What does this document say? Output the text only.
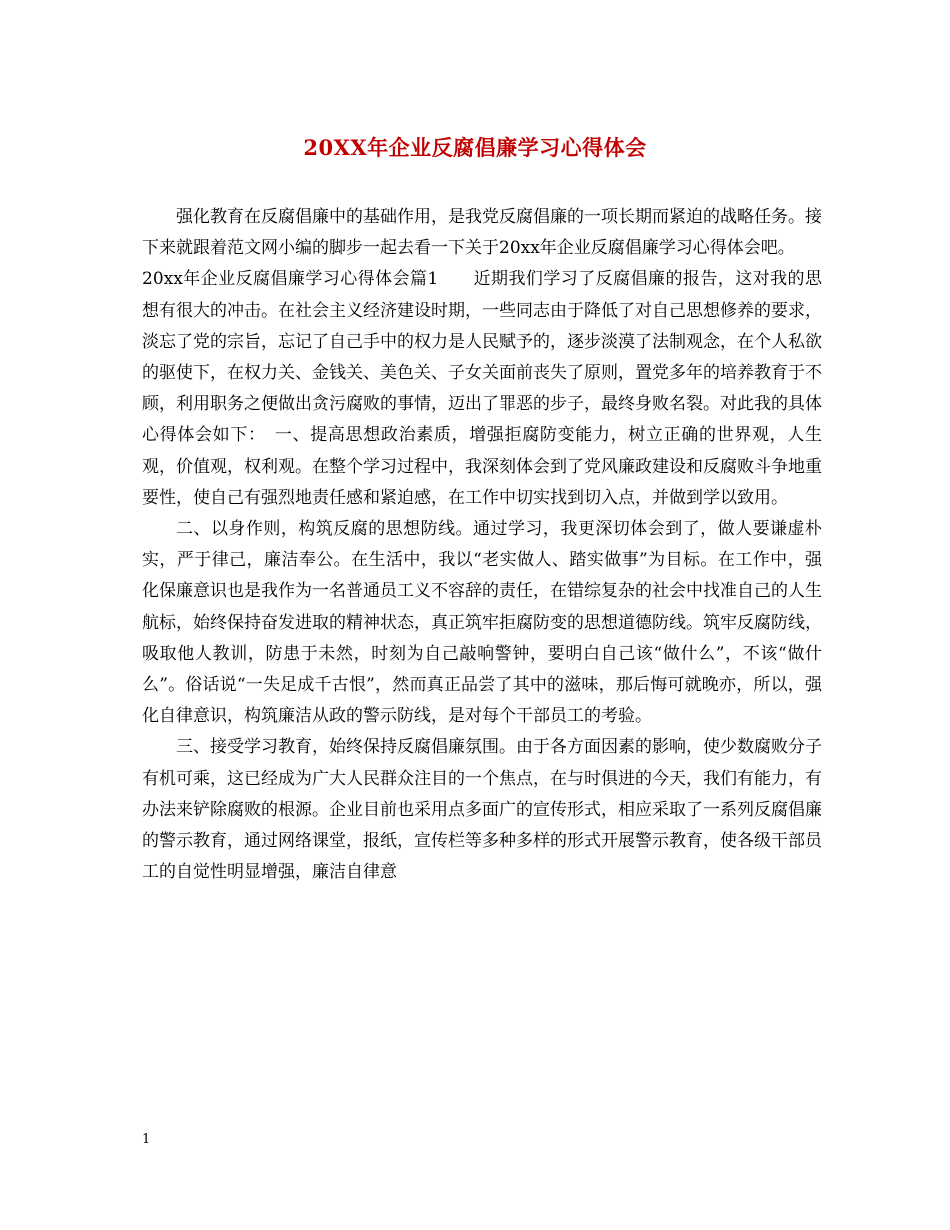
20XX年企业反腐倡廉学习心得体会

强化教育在反腐倡廉中的基础作用，是我党反腐倡廉的一项长期而紧迫的战略任务。接下来就跟着范文网小编的脚步一起去看一下关于20xx年企业反腐倡廉学习心得体会吧。

20xx年企业反腐倡廉学习心得体会篇1　　近期我们学习了反腐倡廉的报告，这对我的思想有很大的冲击。在社会主义经济建设时期，一些同志由于降低了对自己思想修养的要求，淡忘了党的宗旨，忘记了自己手中的权力是人民赋予的，逐步淡漠了法制观念，在个人私欲的驱使下，在权力关、金钱关、美色关、子女关面前丧失了原则，置党多年的培养教育于不顾，利用职务之便做出贪污腐败的事情，迈出了罪恶的步子，最终身败名裂。对此我的具体心得体会如下：　一、提高思想政治素质，增强拒腐防变能力，树立正确的世界观，人生观，价值观，权利观。在整个学习过程中，我深刻体会到了党风廉政建设和反腐败斗争地重要性，使自己有强烈地责任感和紧迫感，在工作中切实找到切入点，并做到学以致用。

二、以身作则，构筑反腐的思想防线。通过学习，我更深切体会到了，做人要谦虚朴实，严于律己，廉洁奉公。在生活中，我以“老实做人、踏实做事”为目标。在工作中，强化保廉意识也是我作为一名普通员工义不容辞的责任，在错综复杂的社会中找准自己的人生航标，始终保持奋发进取的精神状态，真正筑牢拒腐防变的思想道德防线。筑牢反腐防线，吸取他人教训，防患于未然，时刻为自己敲响警钟，要明白自己该“做什么”，不该“做什么”。俗话说“一失足成千古恨”，然而真正品尝了其中的滋味，那后悔可就晚亦，所以，强化自律意识，构筑廉洁从政的警示防线，是对每个干部员工的考验。

三、接受学习教育，始终保持反腐倡廉氛围。由于各方面因素的影响，使少数腐败分子有机可乘，这已经成为广大人民群众注目的一个焦点，在与时俱进的今天，我们有能力，有办法来铲除腐败的根源。企业目前也采用点多面广的宣传形式，相应采取了一系列反腐倡廉的警示教育，通过网络课堂，报纸，宣传栏等多种多样的形式开展警示教育，使各级干部员工的自觉性明显增强，廉洁自律意

1
